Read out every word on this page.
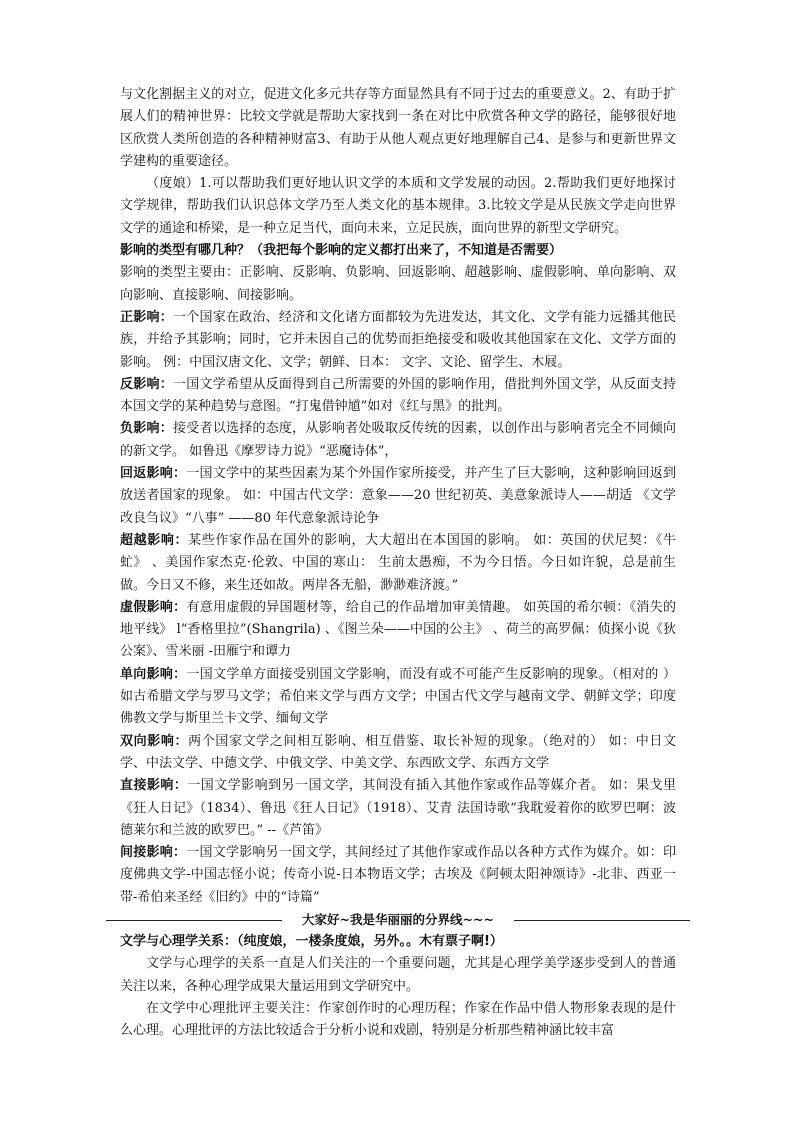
与文化割据主义的对立，促进文化多元共存等方面显然具有不同于过去的重要意义。2、有助于扩展人们的精神世界：比较文学就是帮助大家找到一条在对比中欣赏各种文学的路径，能够很好地区欣赏人类所创造的各种精神财富3、有助于从他人观点更好地理解自己4、是参与和更新世界文学建构的重要途径。

（度娘）1.可以帮助我们更好地认识文学的本质和文学发展的动因。2.帮助我们更好地探讨文学规律，帮助我们认识总体文学乃至人类文化的基本规律。3.比较文学是从民族文学走向世界文学的通途和桥梁，是一种立足当代，面向未来，立足民族，面向世界的新型文学研究。

影响的类型有哪几种？（我把每个影响的定义都打出来了，不知道是否需要）

影响的类型主要由：正影响、反影响、负影响、回返影响、超越影响、虚假影响、单向影响、双向影响、直接影响、间接影响。

正影响：一个国家在政治、经济和文化诸方面都较为先进发达，其文化、文学有能力远播其他民族，并给予其影响；同时，它并未因自己的优势而拒绝接受和吸收其他国家在文化、文学方面的影响。 例：中国汉唐文化、文学；朝鲜、日本： 文字、文论、留学生、木屐。

反影响：一国文学希望从反面得到自己所需要的外国的影响作用，借批判外国文学，从反面支持本国文学的某种趋势与意图。“打鬼借钟馗”如对《红与黑》的批判。

负影响：接受者以选择的态度，从影响者处吸取反传统的因素，以创作出与影响者完全不同倾向的新文学。 如鲁迅《摩罗诗力说》“恶魔诗体”，

回返影响：一国文学中的某些因素为某个外国作家所接受，并产生了巨大影响，这种影响回返到放送者国家的现象。 如：中国古代文学：意象——20 世纪初英、美意象派诗人——胡适 《文学改良刍议》“八事” ——80 年代意象派诗论争

超越影响：某些作家作品在国外的影响，大大超出在本国国的影响。 如：英国的伏尼契：《牛虻》 、美国作家杰克·伦敦、中国的寒山： 生前太愚痴，不为今日悟。今日如许貌，总是前生做。今日又不修，来生还如故。两岸各无船，渺渺难济渡。”

虚假影响：有意用虚假的异国题材等，给自己的作品增加审美情趣。 如英国的希尔顿：《消失的地平线》 l“香格里拉”(Shangrila) 、《图兰朵——中国的公主》 、荷兰的高罗佩：侦探小说《狄公案》、雪米丽 -田雁宁和谭力

单向影响：一国文学单方面接受别国文学影响，而没有或不可能产生反影响的现象。（相对的 ） 如古希腊文学与罗马文学；希伯来文学与西方文学；中国古代文学与越南文学、朝鲜文学；印度佛教文学与斯里兰卡文学、缅甸文学

双向影响：两个国家文学之间相互影响、相互借鉴、取长补短的现象。（绝对的） 如：中日文学、中法文学、中德文学、中俄文学、中美文学、东西欧文学、东西方文学

直接影响：一国文学影响到另一国文学，其间没有插入其他作家或作品等媒介者。 如：果戈里《狂人日记》（1834）、鲁迅《狂人日记》（1918）、艾青 法国诗歌“我耽爱着你的欧罗巴啊：波德莱尔和兰波的欧罗巴。” --《芦笛》

间接影响：一国文学影响另一国文学，其间经过了其他作家或作品以各种方式作为媒介。如：印度佛典文学-中国志怪小说；传奇小说-日本物语文学；古埃及《阿顿太阳神颂诗》-北非、西亚一带-希伯来圣经《旧约》中的“诗篇”

大家好~我是华丽丽的分界线~~~

文学与心理学关系：（纯度娘，一楼条度娘，另外。。木有票子啊!）

文学与心理学的关系一直是人们关注的一个重要问题，尤其是心理学美学逐步受到人的普通关注以来，各种心理学成果大量运用到文学研究中。

在文学中心理批评主要关注：作家创作时的心理历程；作家在作品中借人物形象表现的是什么心理。心理批评的方法比较适合于分析小说和戏剧，特别是分析那些精神涵比较丰富
